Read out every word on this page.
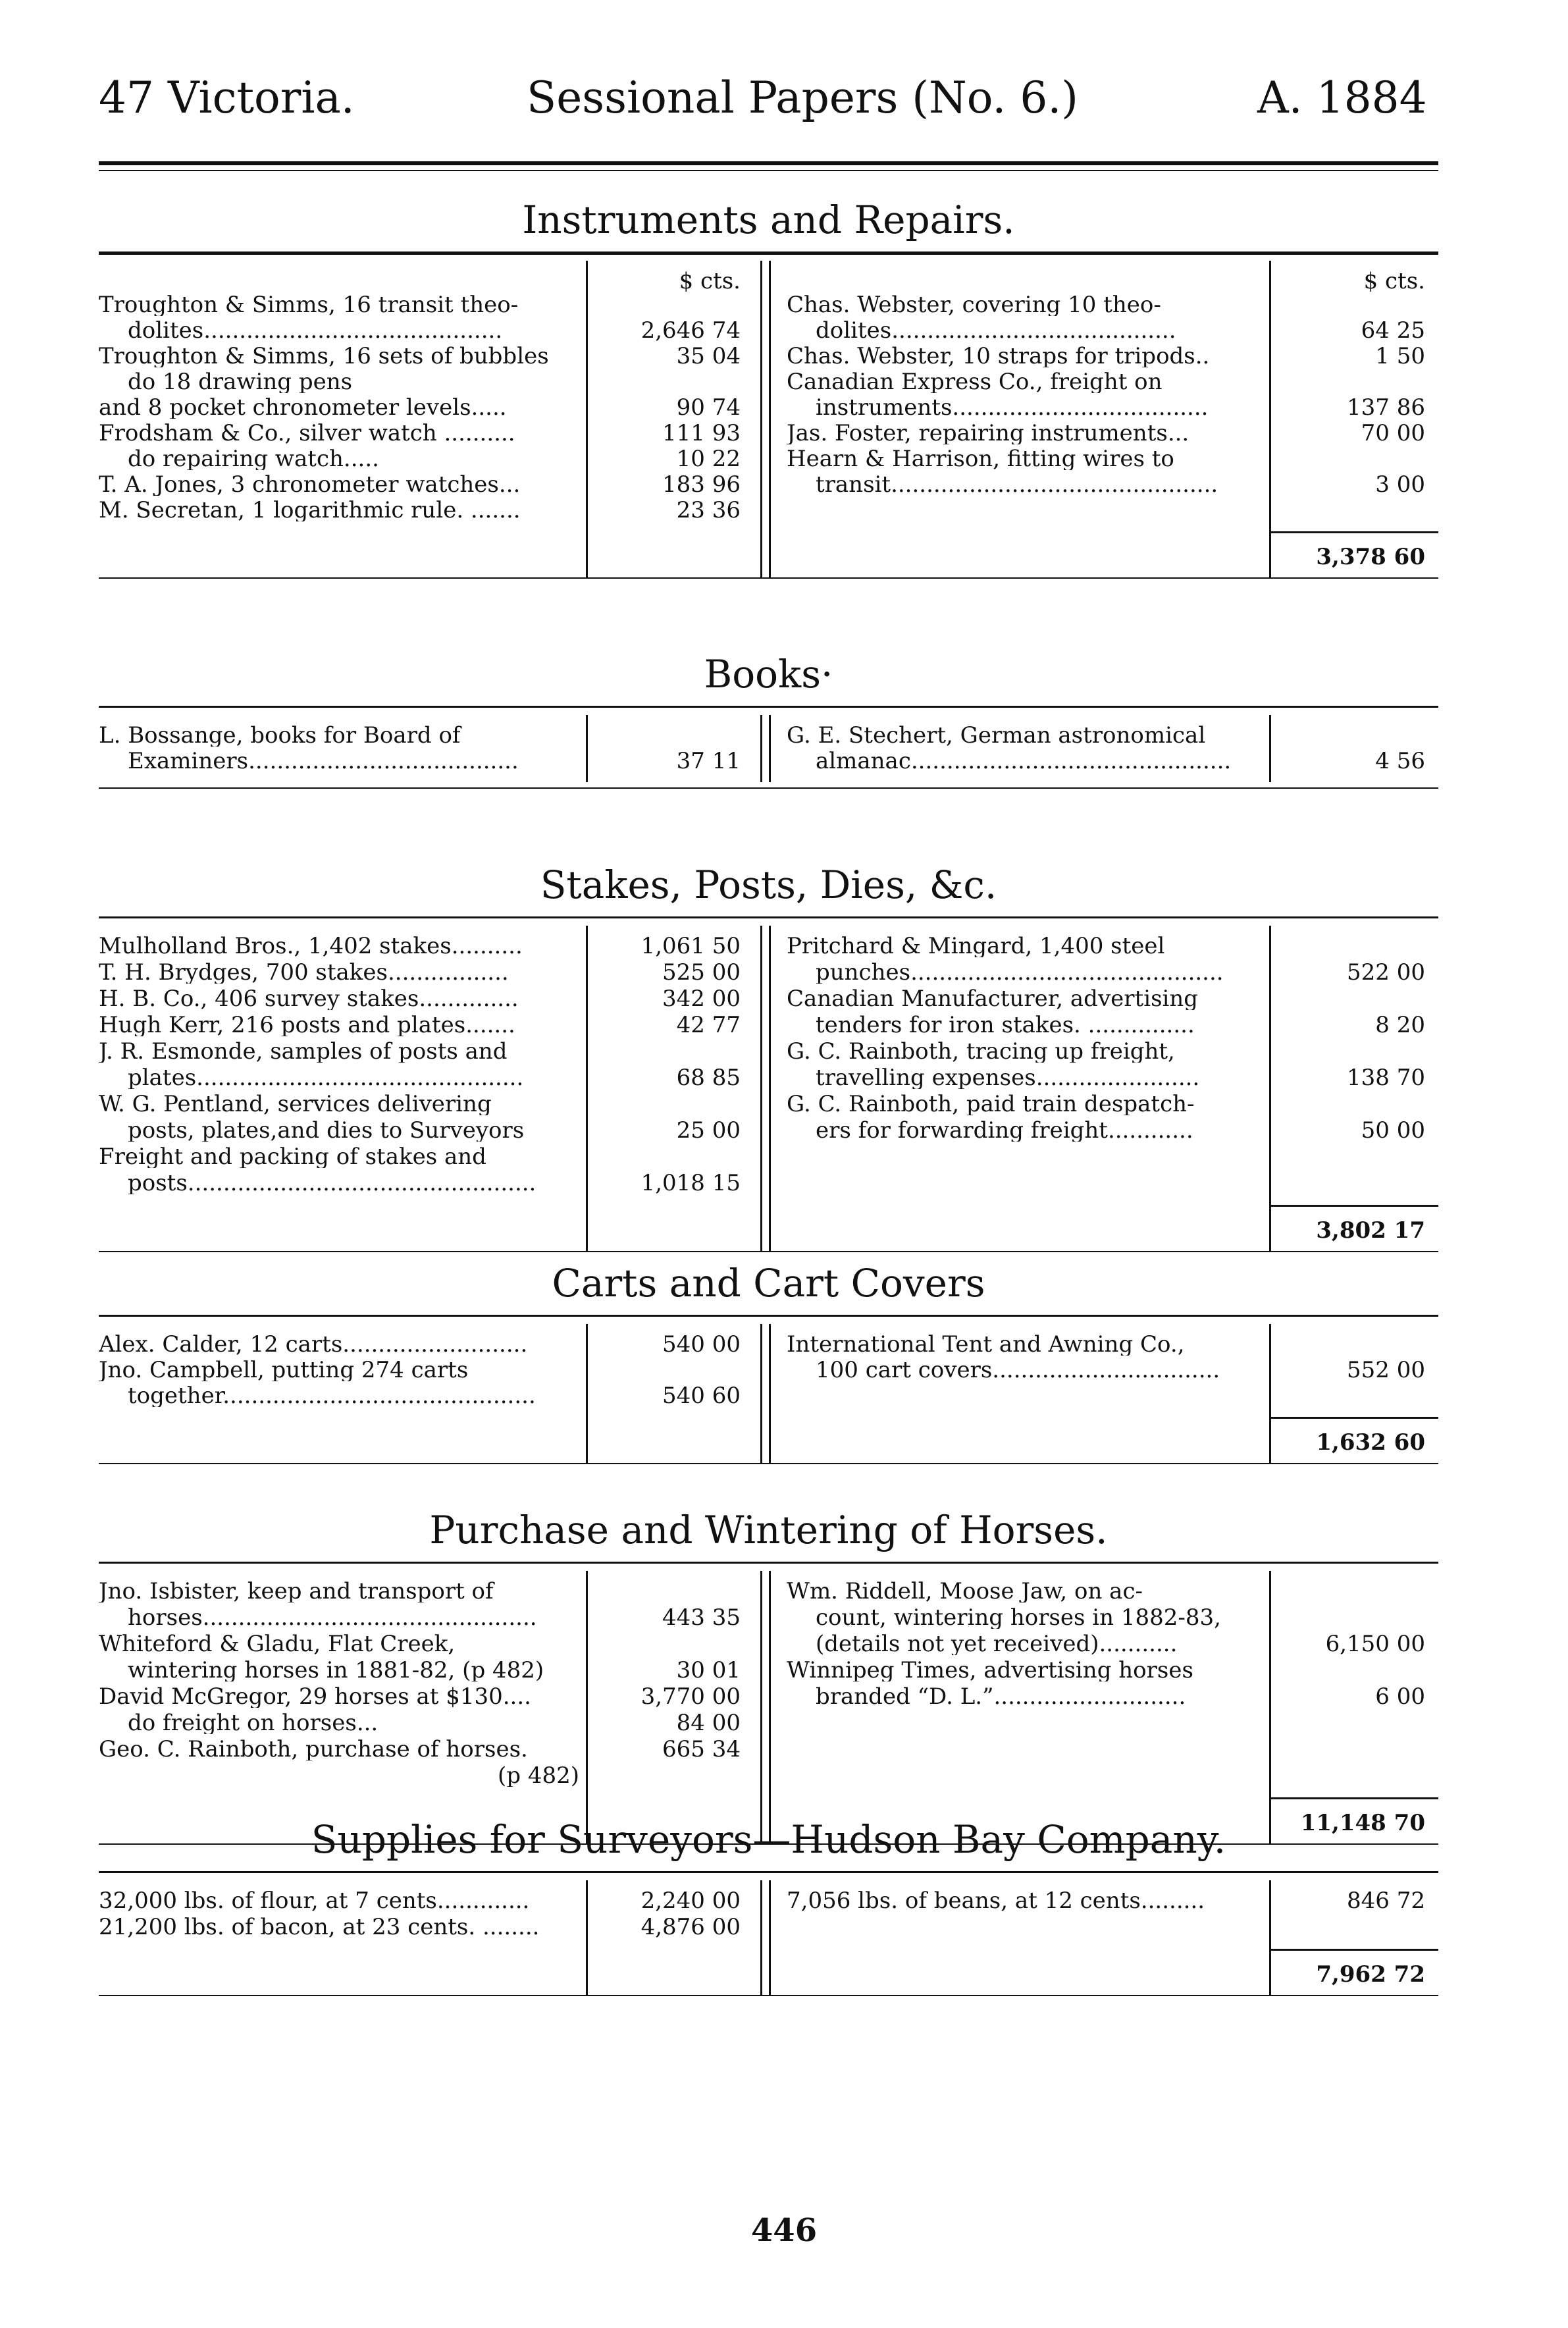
47 Victoria.	Sessional Papers (No. 6.)	A. 1884
Instruments and Repairs.
$ cts.	$ cts.
Troughton & Simms, 16 transit theo-
dolites..........................................	2,646 74
Troughton & Simms, 16 sets of bubbles	35 04
do 18 drawing pens
and 8 pocket chronometer levels.....	90 74
Frodsham & Co., silver watch ..........	111 93
do repairing watch.....	10 22
T. A. Jones, 3 chronometer watches...	183 96
M. Secretan, 1 logarithmic rule. .......	23 36
Chas. Webster, covering 10 theo-
dolites........................................	64 25
Chas. Webster, 10 straps for tripods..	1 50
Canadian Express Co., freight on
instruments....................................	137 86
Jas. Foster, repairing instruments...	70 00
Hearn & Harrison, fitting wires to
transit..............................................	3 00
3,378 60
Books·
L. Bossange, books for Board of
Examiners......................................	37 11
G. E. Stechert, German astronomical
almanac.............................................	4 56
Stakes, Posts, Dies, &c.
Mulholland Bros., 1,402 stakes..........	1,061 50
T. H. Brydges, 700 stakes.................	525 00
H. B. Co., 406 survey stakes..............	342 00
Hugh Kerr, 216 posts and plates.......	42 77
J. R. Esmonde, samples of posts and
plates..............................................	68 85
W. G. Pentland, services delivering
posts, plates,and dies to Surveyors	25 00
Freight and packing of stakes and
posts.................................................	1,018 15
Pritchard & Mingard, 1,400 steel
punches............................................	522 00
Canadian Manufacturer, advertising
tenders for iron stakes. ...............	8 20
G. C. Rainboth, tracing up freight,
travelling expenses.......................	138 70
G. C. Rainboth, paid train despatch-
ers for forwarding freight............	50 00
3,802 17
Carts and Cart Covers
Alex. Calder, 12 carts..........................	540 00
Jno. Campbell, putting 274 carts
together............................................	540 60
International Tent and Awning Co.,
100 cart covers................................	552 00
1,632 60
Purchase and Wintering of Horses.
Jno. Isbister, keep and transport of
horses...............................................	443 35
Whiteford & Gladu, Flat Creek,
wintering horses in 1881-82, (p 482)	30 01
David McGregor, 29 horses at $130....	3,770 00
do freight on horses...	84 00
Geo. C. Rainboth, purchase of horses.	665 34
(p 482)
Wm. Riddell, Moose Jaw, on ac-
count, wintering horses in 1882-83,
(details not yet received)...........	6,150 00
Winnipeg Times, advertising horses
branded “D. L.”...........................	6 00
11,148 70
Supplies for Surveyors—Hudson Bay Company.
32,000 lbs. of flour, at 7 cents.............	2,240 00
21,200 lbs. of bacon, at 23 cents. ........	4,876 00
7,056 lbs. of beans, at 12 cents.........	846 72
7,962 72
446
